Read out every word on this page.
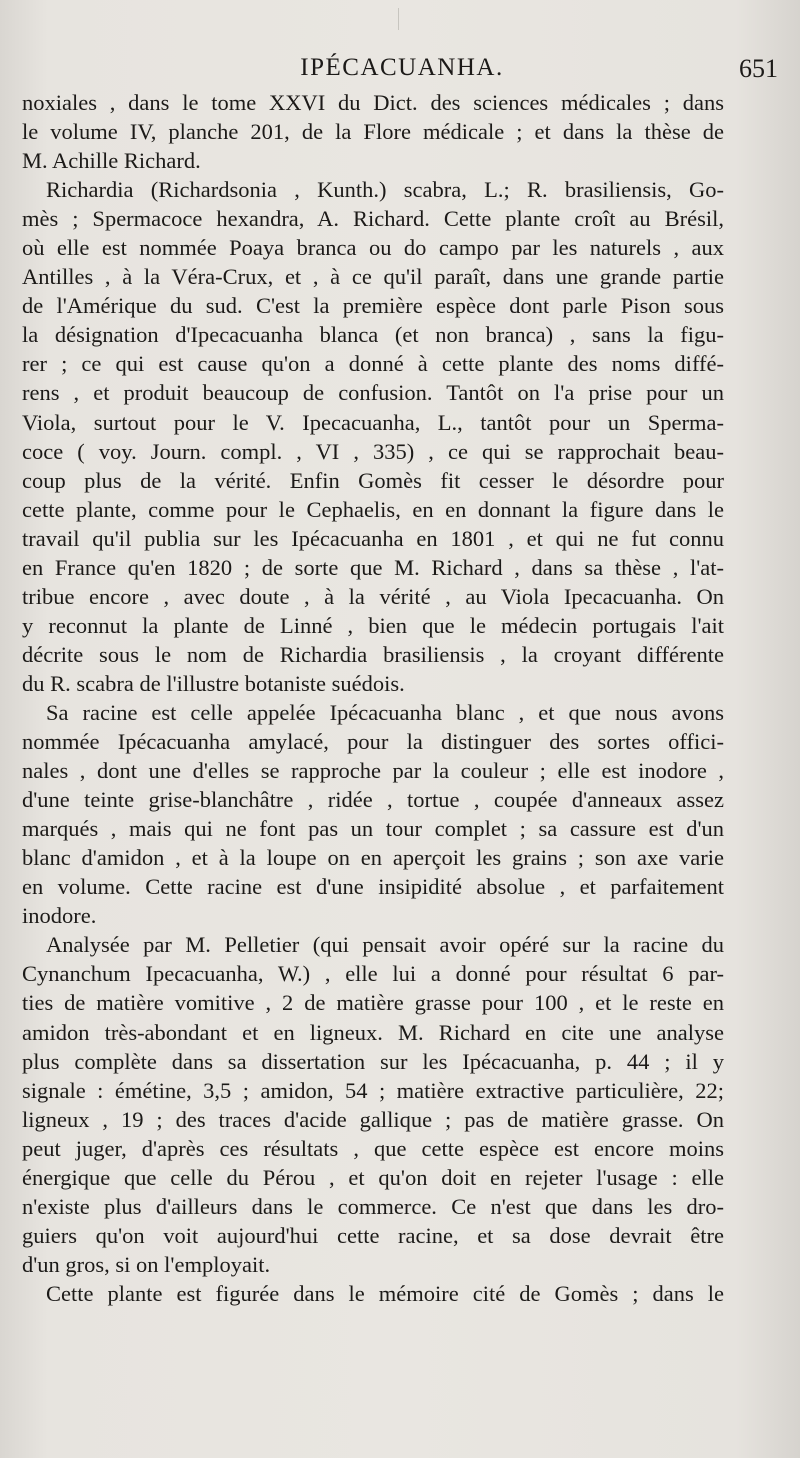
IPÉCACUANHA.	651
noxiales , dans le tome XXVI du Dict. des sciences médicales ; dans
le volume IV, planche 201, de la Flore médicale ; et dans la thèse de
M. Achille Richard.
Richardia (Richardsonia , Kunth.) scabra, L.; R. brasiliensis, Go-
mès ; Spermacoce hexandra, A. Richard. Cette plante croît au Brésil,
où elle est nommée Poaya branca ou do campo par les naturels , aux
Antilles , à la Véra-Crux, et , à ce qu'il paraît, dans une grande partie
de l'Amérique du sud. C'est la première espèce dont parle Pison sous
la désignation d'Ipecacuanha blanca (et non branca) , sans la figu-
rer ; ce qui est cause qu'on a donné à cette plante des noms diffé-
rens , et produit beaucoup de confusion. Tantôt on l'a prise pour un
Viola, surtout pour le V. Ipecacuanha, L., tantôt pour un Sperma-
coce ( voy. Journ. compl. , VI , 335) , ce qui se rapprochait beau-
coup plus de la vérité. Enfin Gomès fit cesser le désordre pour
cette plante, comme pour le Cephaelis, en en donnant la figure dans le
travail qu'il publia sur les Ipécacuanha en 1801 , et qui ne fut connu
en France qu'en 1820 ; de sorte que M. Richard , dans sa thèse , l'at-
tribue encore , avec doute , à la vérité , au Viola Ipecacuanha. On
y reconnut la plante de Linné , bien que le médecin portugais l'ait
décrite sous le nom de Richardia brasiliensis , la croyant différente
du R. scabra de l'illustre botaniste suédois.
Sa racine est celle appelée Ipécacuanha blanc , et que nous avons
nommée Ipécacuanha amylacé, pour la distinguer des sortes offici-
nales , dont une d'elles se rapproche par la couleur ; elle est inodore ,
d'une teinte grise-blanchâtre , ridée , tortue , coupée d'anneaux assez
marqués , mais qui ne font pas un tour complet ; sa cassure est d'un
blanc d'amidon , et à la loupe on en aperçoit les grains ; son axe varie
en volume. Cette racine est d'une insipidité absolue , et parfaitement
inodore.
Analysée par M. Pelletier (qui pensait avoir opéré sur la racine du
Cynanchum Ipecacuanha, W.) , elle lui a donné pour résultat 6 par-
ties de matière vomitive , 2 de matière grasse pour 100 , et le reste en
amidon très-abondant et en ligneux. M. Richard en cite une analyse
plus complète dans sa dissertation sur les Ipécacuanha, p. 44 ; il y
signale : émétine, 3,5 ; amidon, 54 ; matière extractive particulière, 22;
ligneux , 19 ; des traces d'acide gallique ; pas de matière grasse. On
peut juger, d'après ces résultats , que cette espèce est encore moins
énergique que celle du Pérou , et qu'on doit en rejeter l'usage : elle
n'existe plus d'ailleurs dans le commerce. Ce n'est que dans les dro-
guiers qu'on voit aujourd'hui cette racine, et sa dose devrait être
d'un gros, si on l'employait.
Cette plante est figurée dans le mémoire cité de Gomès ; dans le
